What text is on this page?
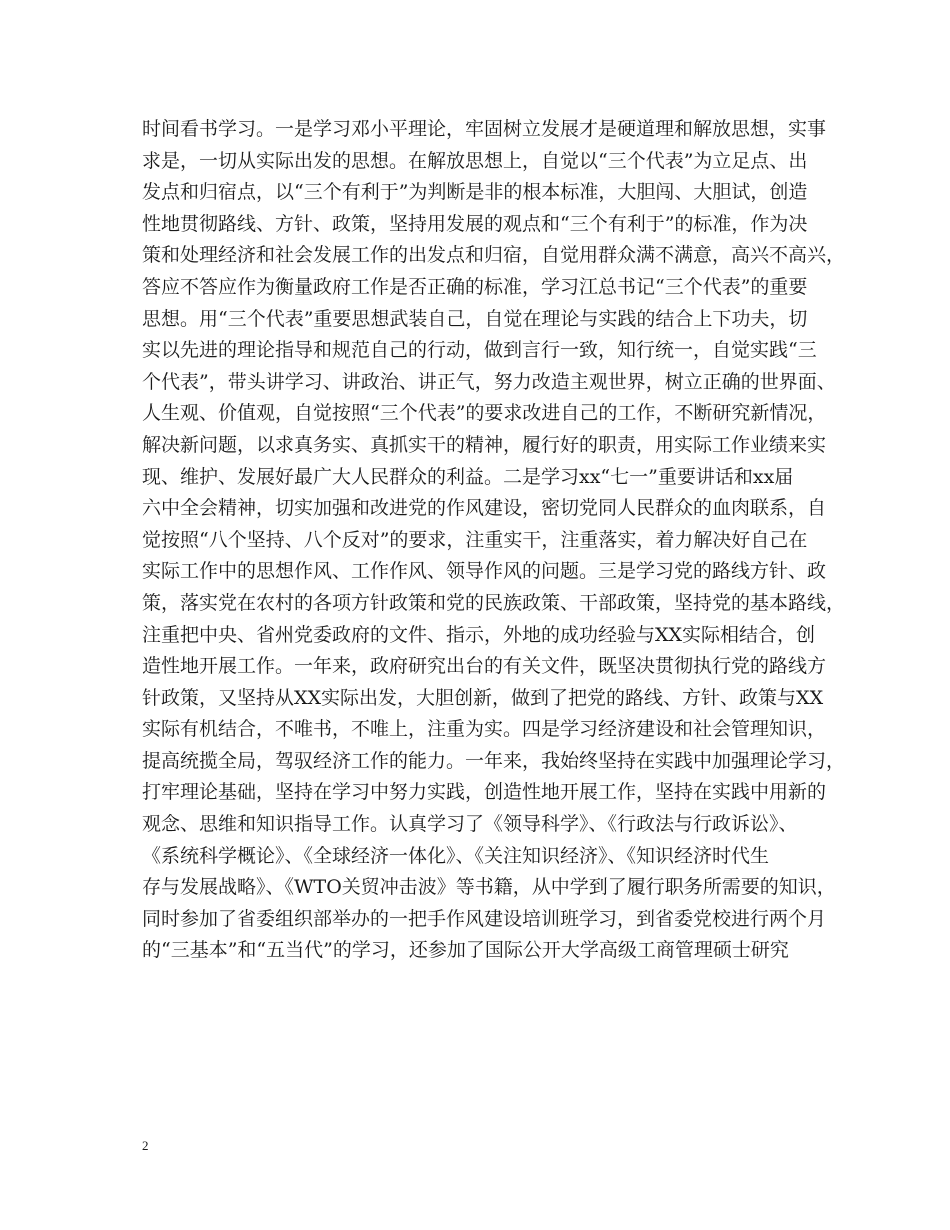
时间看书学习。一是学习邓小平理论，牢固树立发展才是硬道理和解放思想，实事
求是，一切从实际出发的思想。在解放思想上，自觉以“三个代表”为立足点、出
发点和归宿点，以“三个有利于”为判断是非的根本标准，大胆闯、大胆试，创造
性地贯彻路线、方针、政策，坚持用发展的观点和“三个有利于”的标准，作为决
策和处理经济和社会发展工作的出发点和归宿，自觉用群众满不满意，高兴不高兴，
答应不答应作为衡量政府工作是否正确的标准，学习江总书记“三个代表”的重要
思想。用“三个代表”重要思想武装自己，自觉在理论与实践的结合上下功夫，切
实以先进的理论指导和规范自己的行动，做到言行一致，知行统一，自觉实践“三
个代表”，带头讲学习、讲政治、讲正气，努力改造主观世界，树立正确的世界面、
人生观、价值观，自觉按照“三个代表”的要求改进自己的工作，不断研究新情况，
解决新问题，以求真务实、真抓实干的精神，履行好的职责，用实际工作业绩来实
现、维护、发展好最广大人民群众的利益。二是学习xx“七一”重要讲话和xx届
六中全会精神，切实加强和改进党的作风建设，密切党同人民群众的血肉联系，自
觉按照“八个坚持、八个反对”的要求，注重实干，注重落实，着力解决好自己在
实际工作中的思想作风、工作作风、领导作风的问题。三是学习党的路线方针、政
策，落实党在农村的各项方针政策和党的民族政策、干部政策，坚持党的基本路线，
注重把中央、省州党委政府的文件、指示，外地的成功经验与XX实际相结合，创
造性地开展工作。一年来，政府研究出台的有关文件，既坚决贯彻执行党的路线方
针政策，又坚持从XX实际出发，大胆创新，做到了把党的路线、方针、政策与XX
实际有机结合，不唯书，不唯上，注重为实。四是学习经济建设和社会管理知识，
提高统揽全局，驾驭经济工作的能力。一年来，我始终坚持在实践中加强理论学习，
打牢理论基础，坚持在学习中努力实践，创造性地开展工作，坚持在实践中用新的
观念、思维和知识指导工作。认真学习了《领导科学》、《行政法与行政诉讼》、
《系统科学概论》、《全球经济一体化》、《关注知识经济》、《知识经济时代生
存与发展战略》、《WTO关贸冲击波》等书籍，从中学到了履行职务所需要的知识，
同时参加了省委组织部举办的一把手作风建设培训班学习，到省委党校进行两个月
的“三基本”和“五当代”的学习，还参加了国际公开大学高级工商管理硕士研究
2
